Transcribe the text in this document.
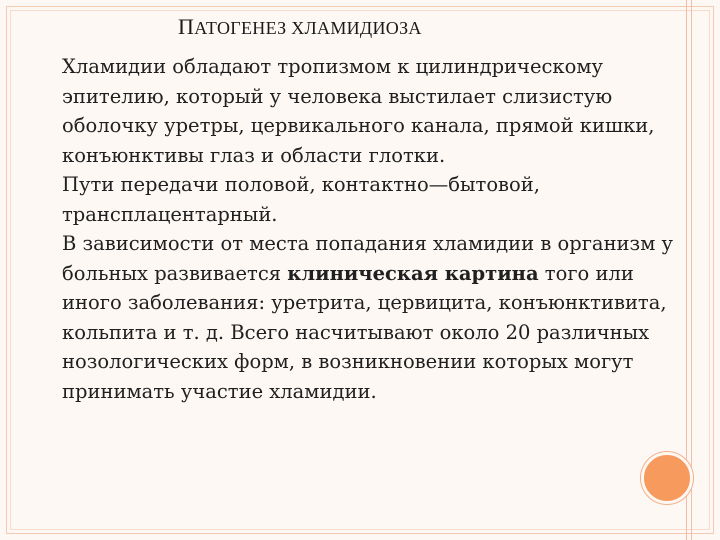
ПАТОГЕНЕЗ ХЛАМИДИОЗА

Хламидии обладают тропизмом к цилиндрическому эпителию, который у человека выстилает слизистую оболочку уретры, цервикального канала, прямой кишки, конъюнктивы глаз и области глотки.

Пути передачи половой, контактно—бытовой, трансплацентарный.

В зависимости от места попадания хламидии в организм у больных развивается клиническая картина того или иного заболевания: уретрита, цервицита, конъюнктивита, кольпита и т. д. Всего насчитывают около 20 различных нозологических форм, в возникновении которых могут принимать участие хламидии.
